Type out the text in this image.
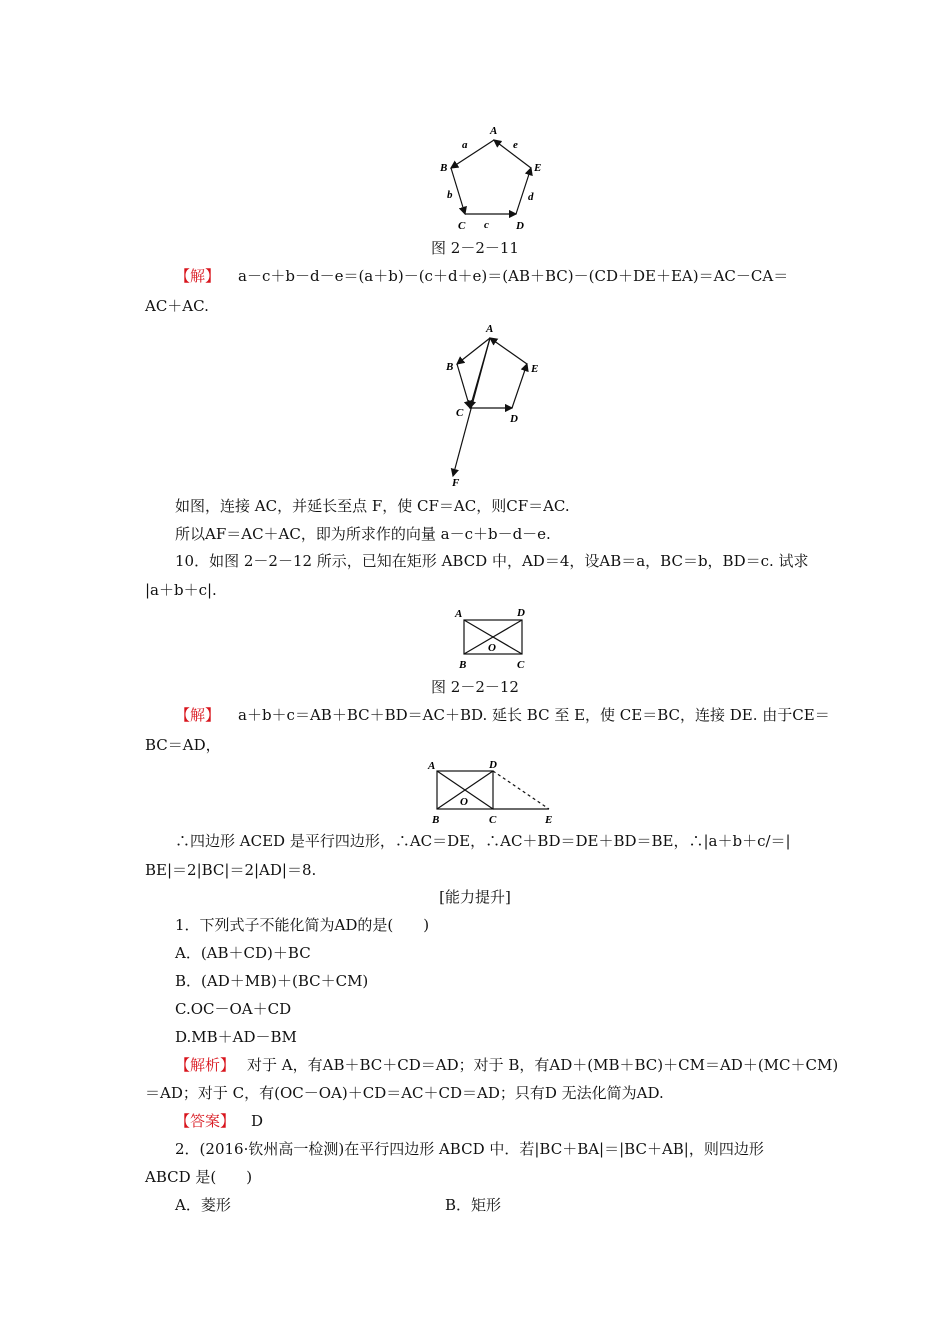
A
B
C	D
E
a
b
c
d
e
图 2－2－11
【解】 a－c＋b－d－e＝(a＋b)－(c＋d＋e)＝(AB＋BC)－(CD＋DE＋EA)＝AC－CA＝
AC＋AC.
A
B
C	D
E
F
如图，连接 AC，并延长至点 F，使 CF＝AC，则CF＝AC.
所以AF＝AC＋AC，即为所求作的向量 a－c＋b－d－e.
10．如图 2－2－12 所示，已知在矩形 ABCD 中，AD＝4，设AB＝a，BC＝b，BD＝c. 试求
|a＋b＋c|.
A	D
B	C
O
图 2－2－12
【解】 a＋b＋c＝AB＋BC＋BD＝AC＋BD. 延长 BC 至 E，使 CE＝BC，连接 DE. 由于CE＝
BC＝AD，
A	D
B	C	E
O
∴四边形 ACED 是平行四边形，∴AC＝DE，∴AC＋BD＝DE＋BD＝BE，∴|a＋b＋c/＝|
BE|＝2|BC|＝2|AD|＝8.
[能力提升]
1．下列式子不能化简为AD的是(　　)
A．(AB＋CD)＋BC
B．(AD＋MB)＋(BC＋CM)
C.OC－OA＋CD
D.MB＋AD－BM
【解析】 对于 A，有AB＋BC＋CD＝AD；对于 B，有AD＋(MB＋BC)＋CM＝AD＋(MC＋CM)
＝AD；对于 C，有(OC－OA)＋CD＝AC＋CD＝AD；只有D 无法化简为AD.
【答案】 D
2．(2016·钦州高一检测)在平行四边形 ABCD 中．若|BC＋BA|＝|BC＋AB|，则四边形
ABCD 是(　　)
A．菱形	B．矩形
